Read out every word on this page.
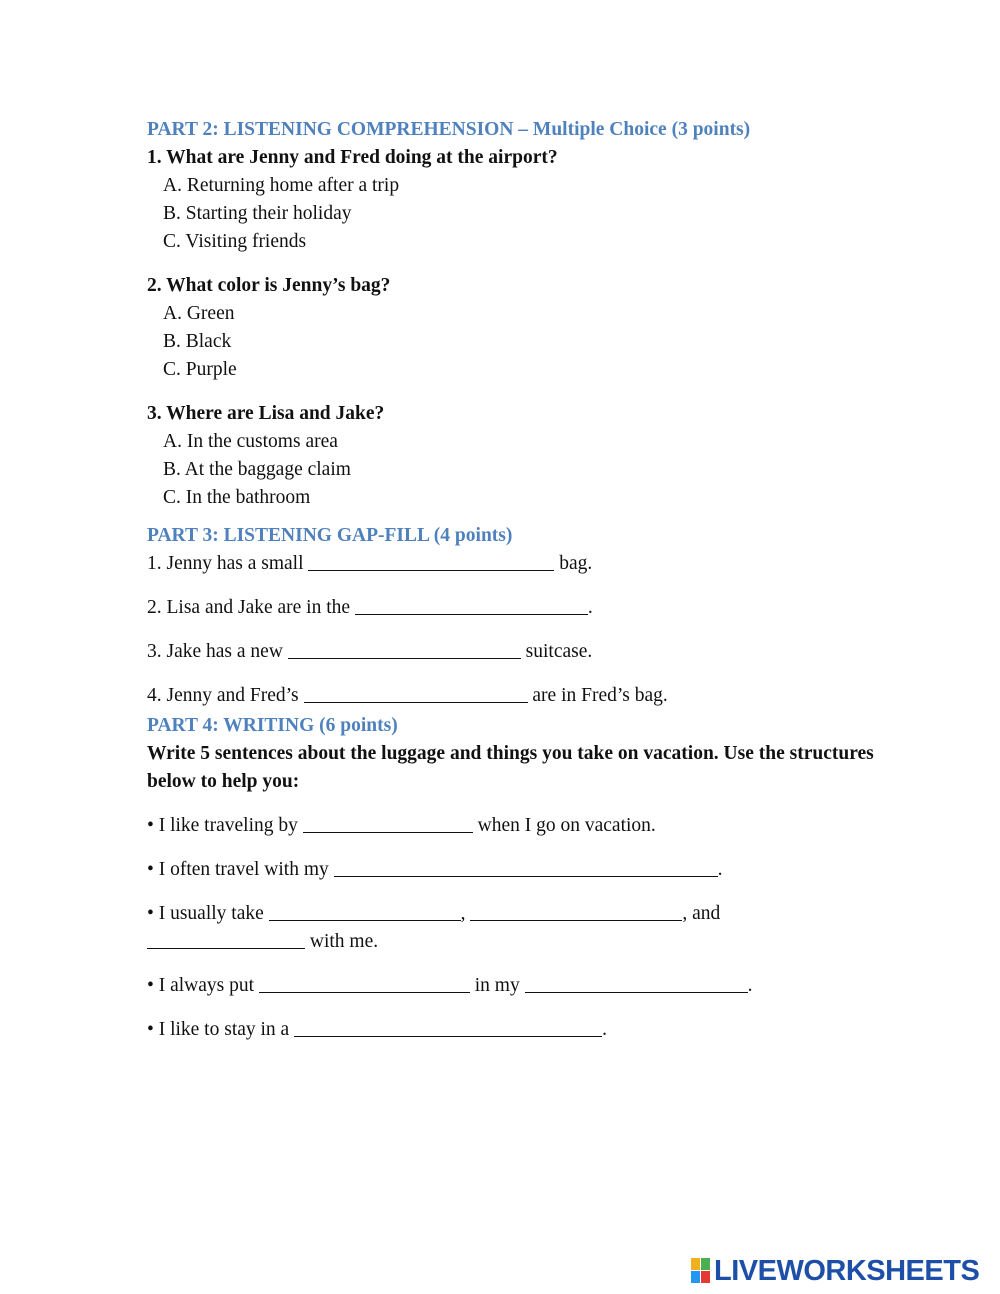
PART 2: LISTENING COMPREHENSION – Multiple Choice (3 points)
1. What are Jenny and Fred doing at the airport?
A. Returning home after a trip
B. Starting their holiday
C. Visiting friends
2. What color is Jenny’s bag?
A. Green
B. Black
C. Purple
3. Where are Lisa and Jake?
A. In the customs area
B. At the baggage claim
C. In the bathroom
PART 3: LISTENING GAP-FILL (4 points)
1. Jenny has a small	bag.
2. Lisa and Jake are in the	.
3. Jake has a new	suitcase.
4. Jenny and Fred’s	are in Fred’s bag.
PART 4: WRITING (6 points)
Write 5 sentences about the luggage and things you take on vacation. Use the structures below to help you:
• I like traveling by	when I go on vacation.
• I often travel with my	.
• I usually take	,	, and
with me.
• I always put	in my	.
• I like to stay in a	.
LIVEWORKSHEETS
